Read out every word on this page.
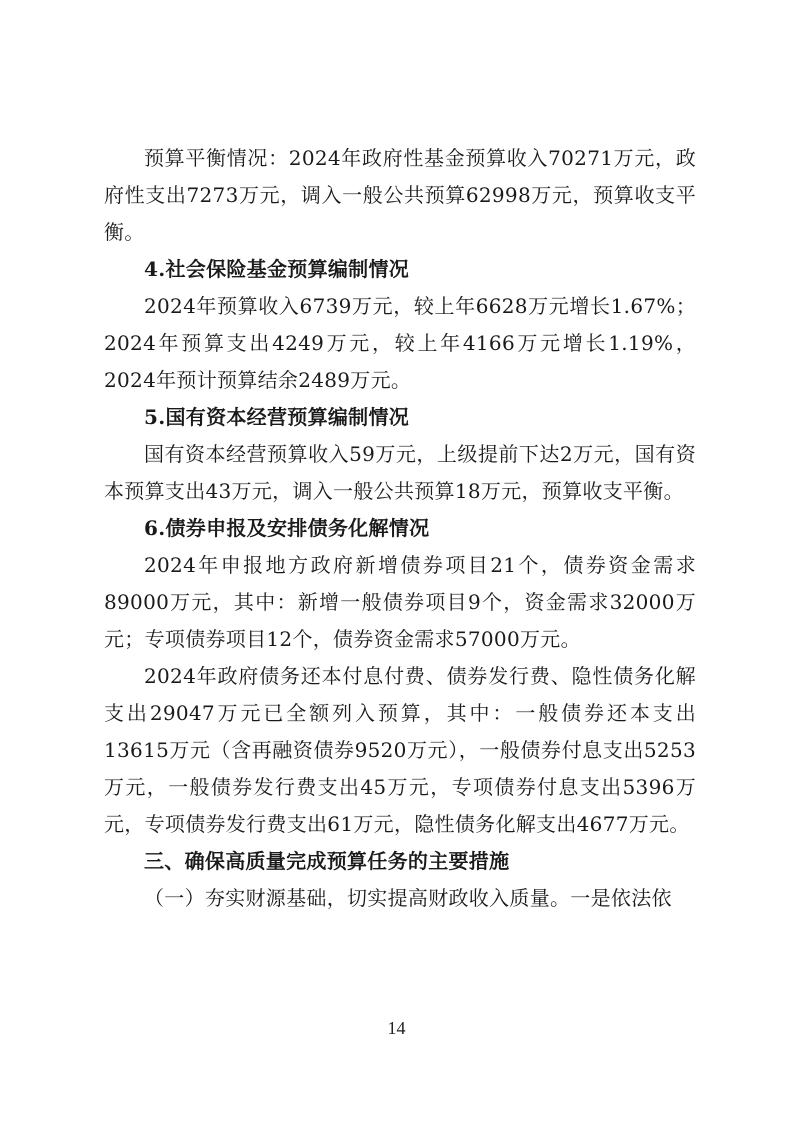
预算平衡情况：2024年政府性基金预算收入70271万元，政府性支出7273万元，调入一般公共预算62998万元，预算收支平衡。

4.社会保险基金预算编制情况

2024年预算收入6739万元，较上年6628万元增长1.67%；2024年预算支出4249万元，较上年4166万元增长1.19%，2024年预计预算结余2489万元。

5.国有资本经营预算编制情况

国有资本经营预算收入59万元，上级提前下达2万元，国有资本预算支出43万元，调入一般公共预算18万元，预算收支平衡。

6.债券申报及安排债务化解情况

2024年申报地方政府新增债券项目21个，债券资金需求89000万元，其中：新增一般债券项目9个，资金需求32000万元；专项债券项目12个，债券资金需求57000万元。

2024年政府债务还本付息付费、债券发行费、隐性债务化解支出29047万元已全额列入预算，其中：一般债券还本支出13615万元（含再融资债券9520万元），一般债券付息支出5253万元，一般债券发行费支出45万元，专项债券付息支出5396万元，专项债券发行费支出61万元，隐性债务化解支出4677万元。

三、确保高质量完成预算任务的主要措施

（一）夯实财源基础，切实提高财政收入质量。一是依法依

14
